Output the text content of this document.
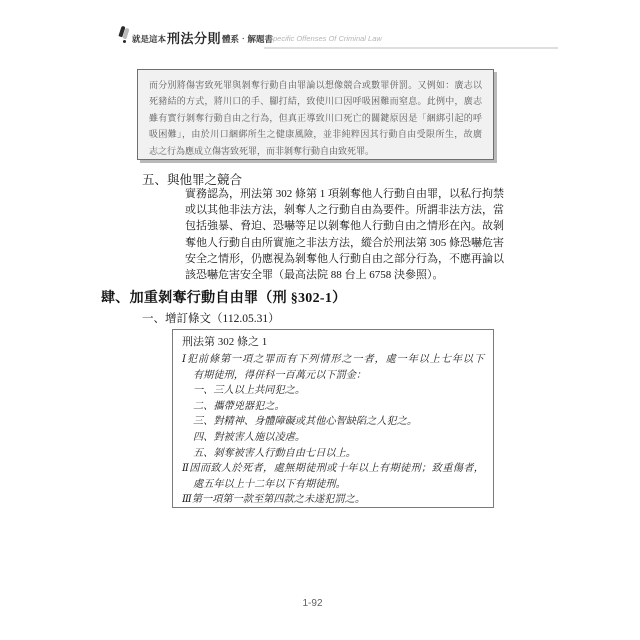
就是這本 刑法分則 體系‧解題書
Specific Offenses Of Criminal Law
而分別將傷害致死罪與剝奪行動自由罪論以想像競合或數罪併罰。又例如：廣志以
死豬結的方式，將川口的手、腳打結，致使川口因呼吸困難而窒息。此例中，廣志
雖有實行剝奪行動自由之行為，但真正導致川口死亡的關鍵原因是「綑綁引起的呼
吸困難」，由於川口綑綁所生之健康風險，並非純粹因其行動自由受限所生，故廣
志之行為應成立傷害致死罪，而非剝奪行動自由致死罪。
五、與他罪之競合
實務認為，刑法第 302 條第 1 項剝奪他人行動自由罪，以私行拘禁
或以其他非法方法，剝奪人之行動自由為要件。所謂非法方法，當
包括強暴、脅迫、恐嚇等足以剝奪他人行動自由之情形在內。故剝
奪他人行動自由所實施之非法方法，縱合於刑法第 305 條恐嚇危害
安全之情形，仍應視為剝奪他人行動自由之部分行為，不應再論以
該恐嚇危害安全罪（最高法院 88 台上 6758 決參照）。
肆、加重剝奪行動自由罪（刑 §302-1）
一、增訂條文（112.05.31）
刑法第 302 條之 1
Ⅰ犯前條第一項之罪而有下列情形之一者，處一年以上七年以下
有期徒刑，得併科一百萬元以下罰金：
一、三人以上共同犯之。
二、攜帶兇器犯之。
三、對精神、身體障礙或其他心智缺陷之人犯之。
四、對被害人施以凌虐。
五、剝奪被害人行動自由七日以上。
Ⅱ因而致人於死者，處無期徒刑或十年以上有期徒刑；致重傷者，
處五年以上十二年以下有期徒刑。
Ⅲ第一項第一款至第四款之未遂犯罰之。
1-92
